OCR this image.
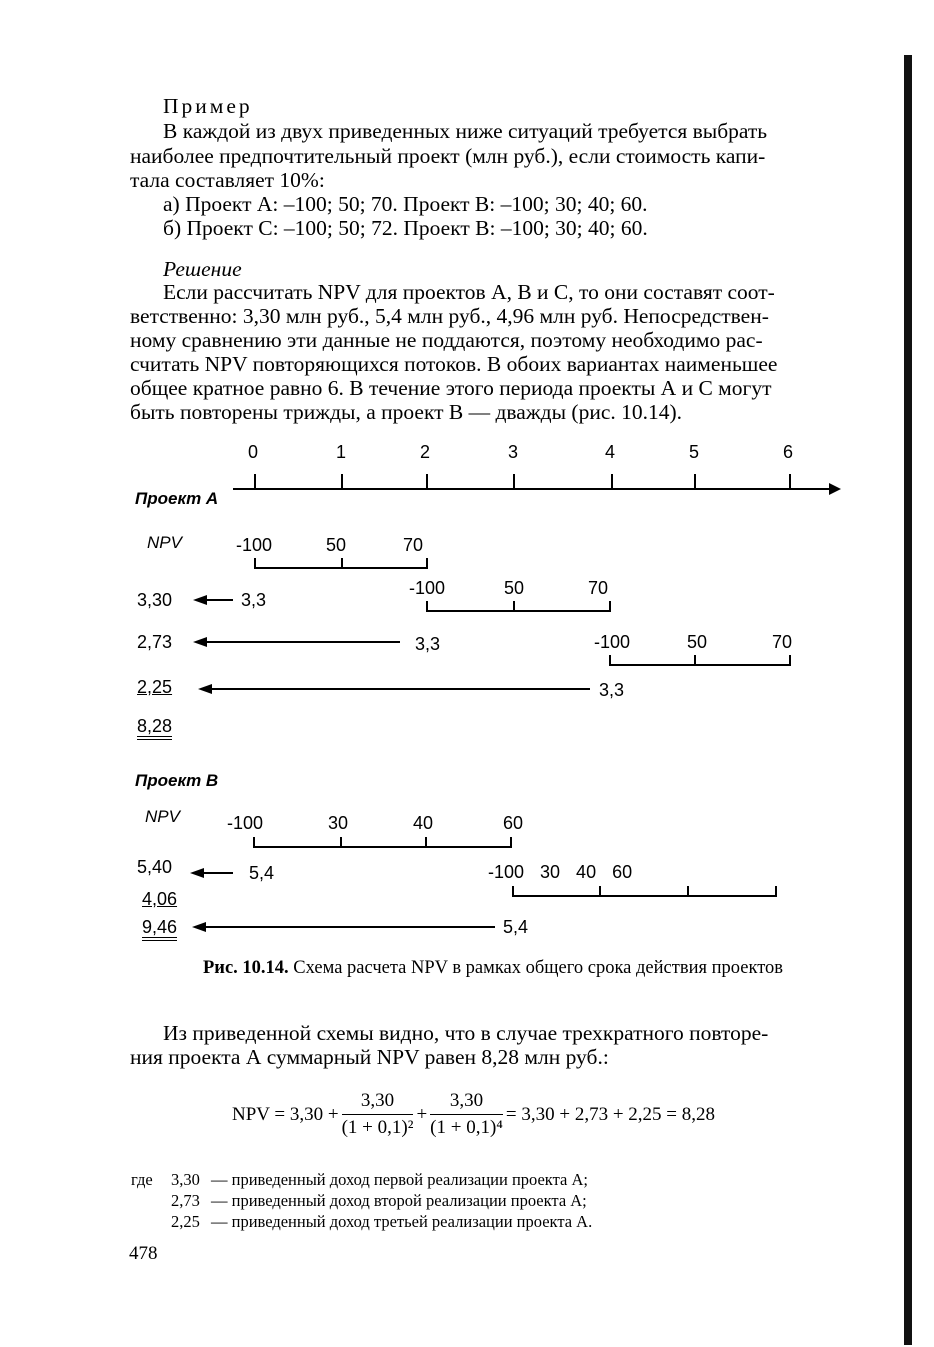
Пример
В каждой из двух приведенных ниже ситуаций требуется выбрать
наиболее предпочтительный проект (млн руб.), если стоимость капи-
тала составляет 10%:
а) Проект А: –100; 50; 70. Проект В: –100; 30; 40; 60.
б) Проект С: –100; 50; 72. Проект В: –100; 30; 40; 60.
Решение
Если рассчитать NPV для проектов А, В и С, то они составят соот-
ветственно: 3,30 млн руб., 5,4 млн руб., 4,96 млн руб. Непосредствен-
ному сравнению эти данные не поддаются, поэтому необходимо рас-
считать NPV повторяющихся потоков. В обоих вариантах наименьшее
общее кратное равно 6. В течение этого периода проекты А и С могут
быть повторены трижды, а проект В — дважды (рис. 10.14).
0	1	2	3	4	5	6
Проект А
NPV	-100	50	70
3,30	3,3
-100	50	70
2,73	3,3	-100	50	70
2,25	3,3
8,28
Проект В
NPV	-100	30	40	60
5,40	5,4	-100  30  40  60
4,06
9,46	5,4
Рис. 10.14. Схема расчета NPV в рамках общего срока действия проектов
Из приведенной схемы видно, что в случае трехкратного повторе-
ния проекта А суммарный NPV равен 8,28 млн руб.:
NPV = $3,30 + \frac{3,30}{\text{(1 + 0,1)²}} + \frac{3,30}{\text{(1 + 0,1)⁴}} = 3,30 + 2,73 + 2,25 = 8,28$
где 3,30 — приведенный доход первой реализации проекта А;
2,73 — приведенный доход второй реализации проекта А;
2,25 — приведенный доход третьей реализации проекта А.
478
